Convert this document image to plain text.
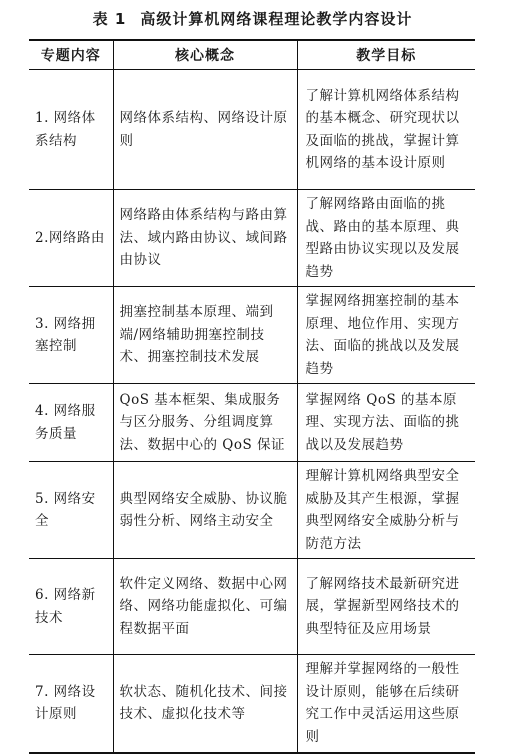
表 1 高级计算机网络课程理论教学内容设计
专题内容	核心概念	教学目标
1. 网络体系结构	网络体系结构、网络设计原则	了解计算机网络体系结构的基本概念、研究现状以及面临的挑战，掌握计算机网络的基本设计原则
2.网络路由	网络路由体系结构与路由算法、域内路由协议、域间路由协议	了解网络路由面临的挑战、路由的基本原理、典型路由协议实现以及发展趋势
3. 网络拥塞控制	拥塞控制基本原理、端到端/网络辅助拥塞控制技术、拥塞控制技术发展	掌握网络拥塞控制的基本原理、地位作用、实现方法、面临的挑战以及发展趋势
4. 网络服务质量	QoS 基本框架、集成服务与区分服务、分组调度算法、数据中心的 QoS 保证	掌握网络 QoS 的基本原理、实现方法、面临的挑战以及发展趋势
5. 网络安全	典型网络安全威胁、协议脆弱性分析、网络主动安全	理解计算机网络典型安全威胁及其产生根源，掌握典型网络安全威胁分析与防范方法
6. 网络新技术	软件定义网络、数据中心网络、网络功能虚拟化、可编程数据平面	了解网络技术最新研究进展，掌握新型网络技术的典型特征及应用场景
7. 网络设计原则	软状态、随机化技术、间接技术、虚拟化技术等	理解并掌握网络的一般性设计原则，能够在后续研究工作中灵活运用这些原则
